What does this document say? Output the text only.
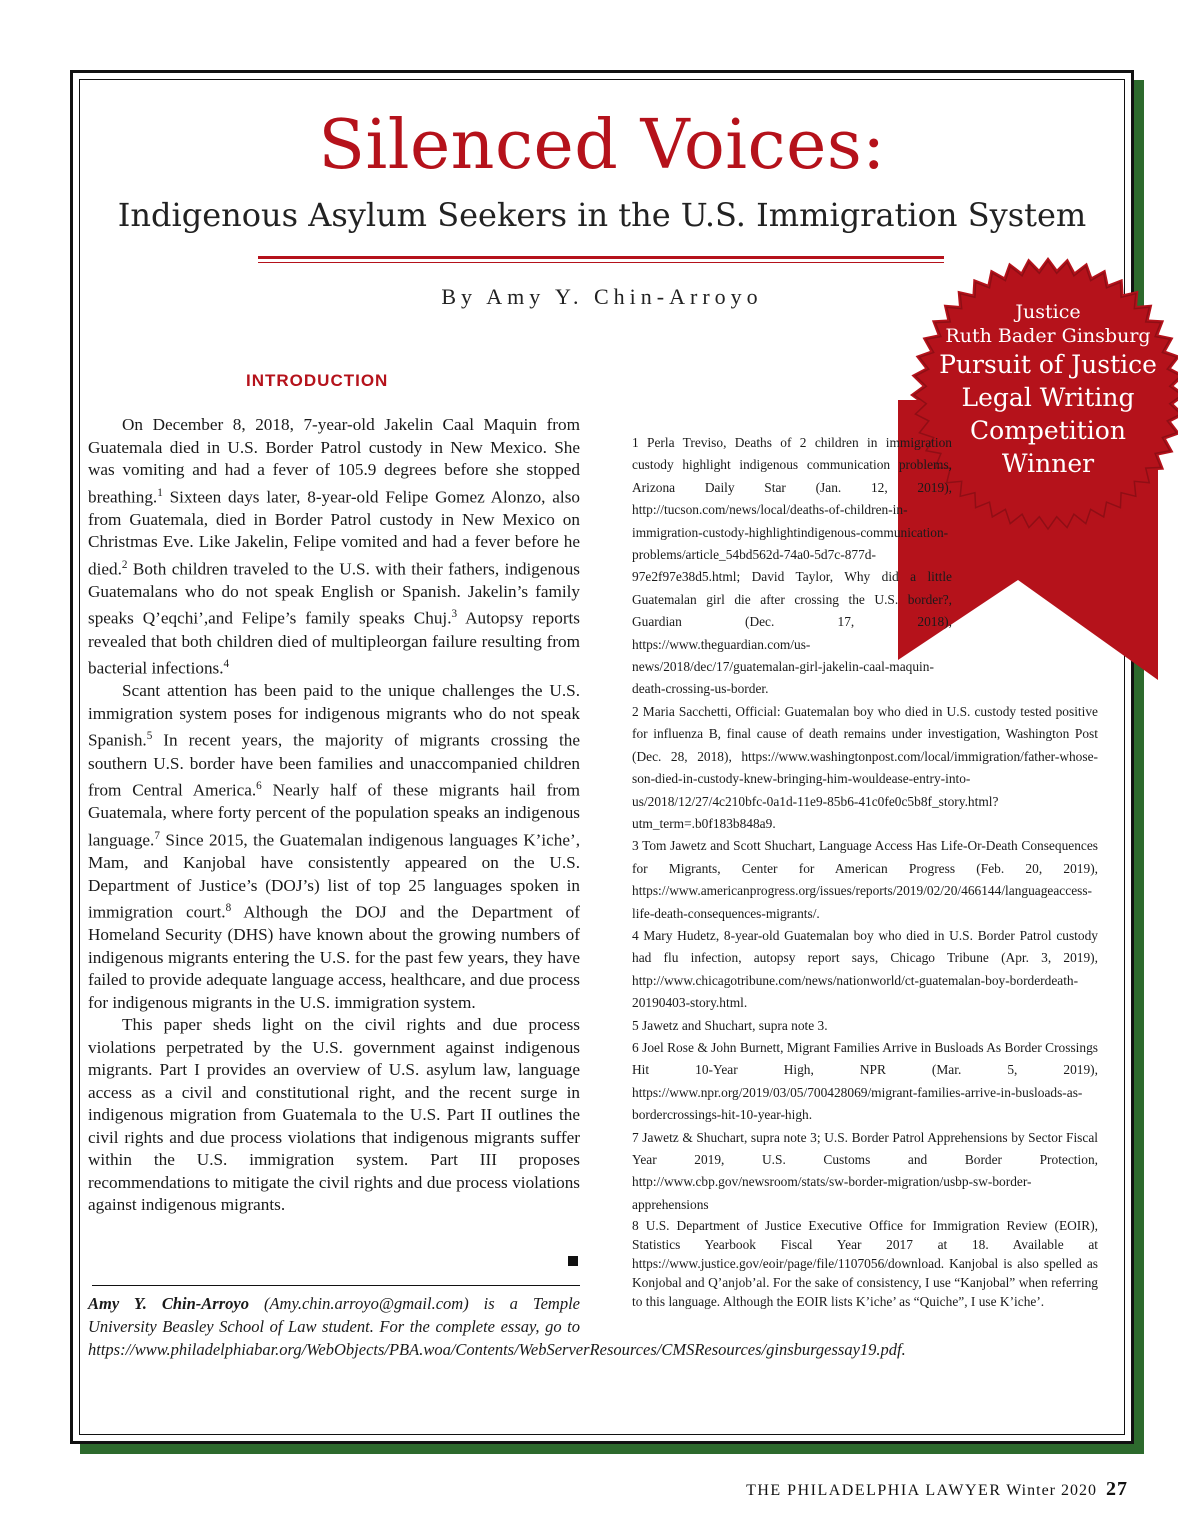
Silenced Voices:
Indigenous Asylum Seekers in the U.S. Immigration System
By Amy Y. Chin-Arroyo
Justice
Ruth Bader Ginsburg
Pursuit of Justice
Legal Writing
Competition
Winner
INTRODUCTION

On December 8, 2018, 7-year-old Jakelin Caal Maquin from Guatemala died in U.S. Border Patrol custody in New Mexico. She was vomiting and had a fever of 105.9 degrees before she stopped breathing.$^1$ Sixteen days later, 8-year-old Felipe Gomez Alonzo, also from Guatemala, died in Border Patrol custody in New Mexico on Christmas Eve. Like Jakelin, Felipe vomited and had a fever before he died.$^2$ Both children traveled to the U.S. with their fathers, indigenous Guatemalans who do not speak English or Spanish. Jakelin’s family speaks Q’eqchi’,and Felipe’s family speaks Chuj.$^3$ Autopsy reports revealed that both children died of multipleorgan failure resulting from bacterial infections.$^4$

Scant attention has been paid to the unique challenges the U.S. immigration system poses for indigenous migrants who do not speak Spanish.$^5$ In recent years, the majority of migrants crossing the southern U.S. border have been families and unaccompanied children from Central America.$^6$ Nearly half of these migrants hail from Guatemala, where forty percent of the population speaks an indigenous language.$^7$ Since 2015, the Guatemalan indigenous languages K’iche’, Mam, and Kanjobal have consistently appeared on the U.S. Department of Justice’s (DOJ’s) list of top 25 languages spoken in immigration court.$^8$ Although the DOJ and the Department of Homeland Security (DHS) have known about the growing numbers of indigenous migrants entering the U.S. for the past few years, they have failed to provide adequate language access, healthcare, and due process for indigenous migrants in the U.S. immigration system.

This paper sheds light on the civil rights and due process violations perpetrated by the U.S. government against indigenous migrants. Part I provides an overview of U.S. asylum law, language access as a civil and constitutional right, and the recent surge in indigenous migration from Guatemala to the U.S. Part II outlines the civil rights and due process violations that indigenous migrants suffer within the U.S. immigration system. Part III proposes recommendations to mitigate the civil rights and due process violations against indigenous migrants.

Amy Y. Chin-Arroyo (Amy.chin.arroyo@gmail.com) is a Temple University Beasley School of Law student. For the complete essay, go to https://www.philadelphiabar.org/WebObjects/PBA.woa/Contents/WebServerResources/CMSResources/ginsburgessay19.pdf.

1 Perla Treviso, Deaths of 2 children in immigration custody highlight indigenous communication problems, Arizona Daily Star (Jan. 12, 2019), http://tucson.com/news/local/deaths-of-children-in-immigration-custody-highlightindigenous-communication-problems/article_54bd562d-74a0-5d7c-877d-97e2f97e38d5.html; David Taylor, Why did a little Guatemalan girl die after crossing the U.S. border?, Guardian (Dec. 17, 2018), https://www.theguardian.com/us-news/2018/dec/17/guatemalan-girl-jakelin-caal-maquin-death-crossing-us-border.

2 Maria Sacchetti, Official: Guatemalan boy who died in U.S. custody tested positive for influenza B, final cause of death remains under investigation, Washington Post (Dec. 28, 2018), https://www.washingtonpost.com/local/immigration/father-whose-son-died-in-custody-knew-bringing-him-wouldease-entry-into-us/2018/12/27/4c210bfc-0a1d-11e9-85b6-41c0fe0c5b8f_story.html?utm_term=.b0f183b848a9.

3 Tom Jawetz and Scott Shuchart, Language Access Has Life-Or-Death Consequences for Migrants, Center for American Progress (Feb. 20, 2019), https://www.americanprogress.org/issues/reports/2019/02/20/466144/languageaccess-life-death-consequences-migrants/.

4 Mary Hudetz, 8-year-old Guatemalan boy who died in U.S. Border Patrol custody had flu infection, autopsy report says, Chicago Tribune (Apr. 3, 2019), http://www.chicagotribune.com/news/nationworld/ct-guatemalan-boy-borderdeath-20190403-story.html.

5 Jawetz and Shuchart, supra note 3.

6 Joel Rose & John Burnett, Migrant Families Arrive in Busloads As Border Crossings Hit 10-Year High, NPR (Mar. 5, 2019), https://www.npr.org/2019/03/05/700428069/migrant-families-arrive-in-busloads-as-bordercrossings-hit-10-year-high.

7 Jawetz & Shuchart, supra note 3; U.S. Border Patrol Apprehensions by Sector Fiscal Year 2019, U.S. Customs and Border Protection, http://www.cbp.gov/newsroom/stats/sw-border-migration/usbp-sw-border-apprehensions

8 U.S. Department of Justice Executive Office for Immigration Review (EOIR), Statistics Yearbook Fiscal Year 2017 at 18. Available at https://www.justice.gov/eoir/page/file/1107056/download. Kanjobal is also spelled as Konjobal and Q’anjob’al. For the sake of consistency, I use “Kanjobal” when referring to this language. Although the EOIR lists K’iche’ as “Quiche”, I use K’iche’.

THE PHILADELPHIA LAWYER Winter 2020 27
